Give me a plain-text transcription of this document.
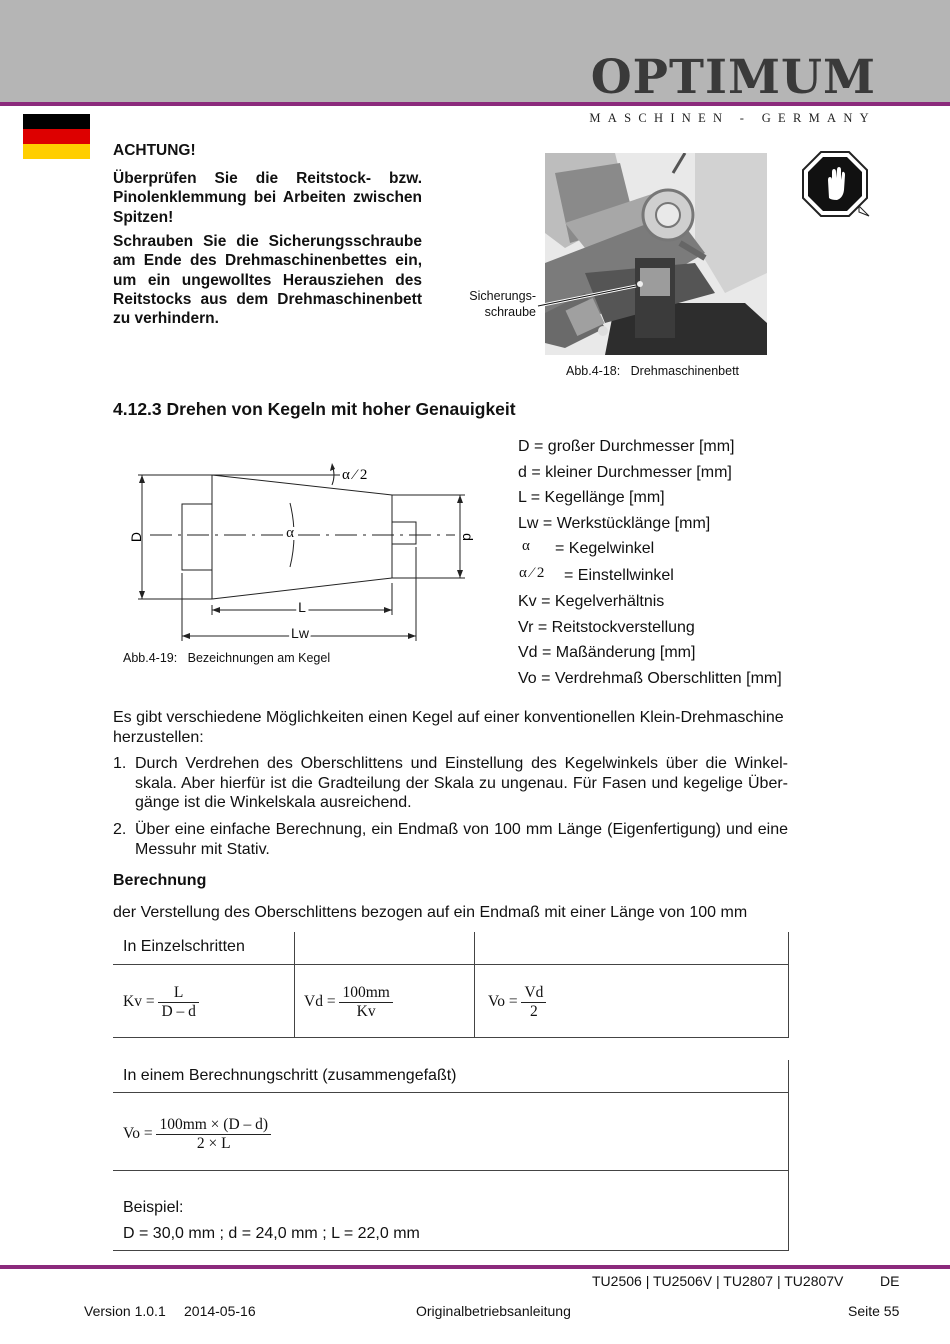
OPTIMUM
MASCHINEN - GERMANY
ACHTUNG!
Überprüfen Sie die Reitstock- bzw. Pinolenklemmung bei Arbeiten zwischen Spitzen!
Schrauben Sie die Sicherungsschraube am Ende des Drehmaschinenbettes ein, um ein ungewolltes Herausziehen des Reitstocks aus dem Drehmaschinenbett zu verhindern.
Sicherungs-
schraube
Abb.4-18: Drehmaschinenbett
4.12.3 Drehen von Kegeln mit hoher Genauigkeit
D	d
L
Lw
α
α ⁄ 2
Abb.4-19: Bezeichnungen am Kegel
D = großer Durchmesser [mm]
d = kleiner Durchmesser [mm]
L = Kegellänge [mm]
Lw = Werkstücklänge [mm]
α = Kegelwinkel
α ⁄ 2 = Einstellwinkel
Kv = Kegelverhältnis
Vr = Reitstockverstellung
Vd = Maßänderung [mm]
Vo = Verdrehmaß Oberschlitten [mm]
Es gibt verschiedene Möglichkeiten einen Kegel auf einer konventionellen Klein-Drehmaschine herzustellen:
1. Durch Verdrehen des Oberschlittens und Einstellung des Kegelwinkels über die Winkel-skala. Aber hierfür ist die Gradteilung der Skala zu ungenau. Für Fasen und kegelige Über-gänge ist die Winkelskala ausreichend.
2. Über eine einfache Berechnung, ein Endmaß von 100 mm Länge (Eigenfertigung) und eine Messuhr mit Stativ.
Berechnung
der Verstellung des Oberschlittens bezogen auf ein Endmaß mit einer Länge von 100 mm
In Einzelschritten
$Kv = \frac{L}{D - d}$	$Vd = \frac{100mm}{Kv}$	$Vo = \frac{Vd}{2}$
In einem Berechnungschritt (zusammengefaßt)
$Vo = \frac{100mm \times (D - d)}{2 \times L}$
Beispiel:
D = 30,0 mm ; d = 24,0 mm ; L = 22,0 mm
TU2506 | TU2506V | TU2807 | TU2807V	DE
Version 1.0.1 2014-05-16	Originalbetriebsanleitung	Seite 55
